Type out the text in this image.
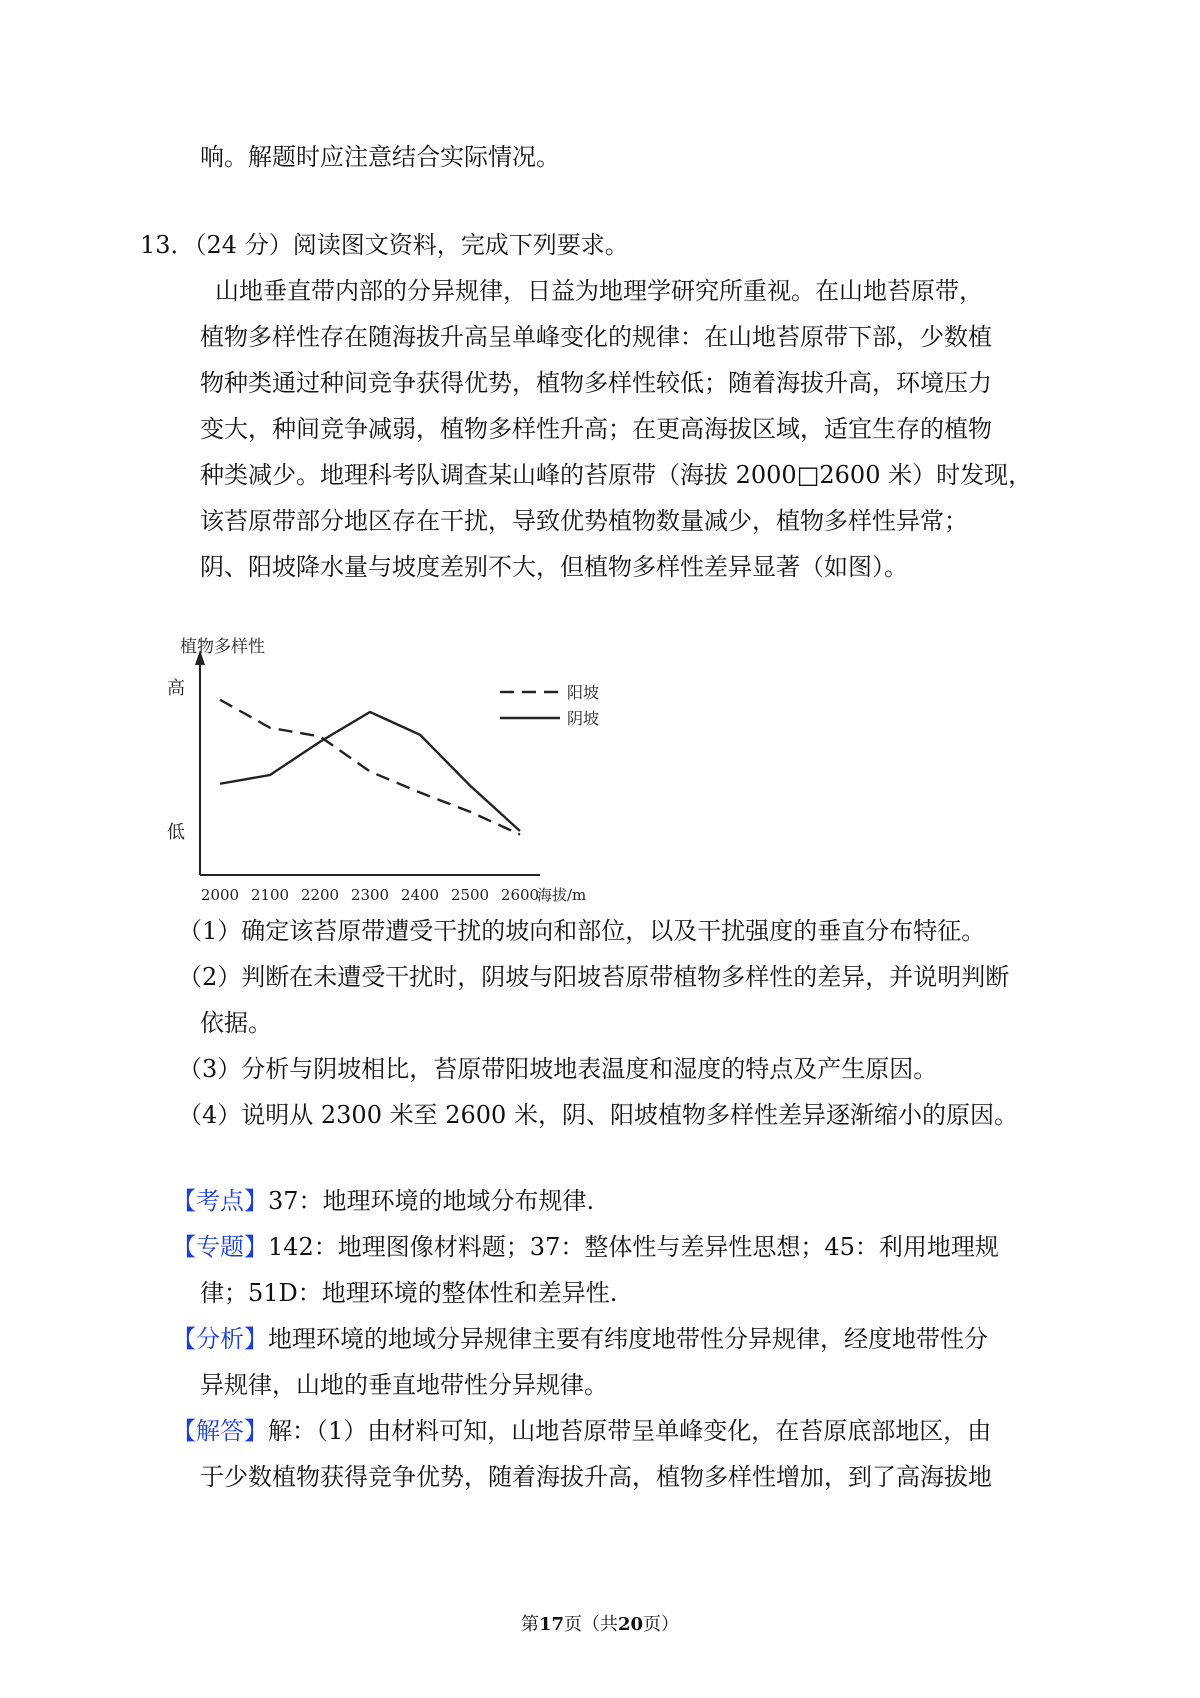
响。解题时应注意结合实际情况。
13．（24 分）阅读图文资料，完成下列要求。
山地垂直带内部的分异规律，日益为地理学研究所重视。在山地苔原带，
植物多样性存在随海拔升高呈单峰变化的规律：在山地苔原带下部，少数植
物种类通过种间竞争获得优势，植物多样性较低；随着海拔升高，环境压力
变大，种间竞争减弱，植物多样性升高；在更高海拔区域，适宜生存的植物
种类减少。地理科考队调查某山峰的苔原带（海拔 2000□2600 米）时发现，
该苔原带部分地区存在干扰，导致优势植物数量减少，植物多样性异常；
阴、阳坡降水量与坡度差别不大，但植物多样性差异显著（如图）。
植物多样性
高
低
2000 2100 2200 2300 2400 2500 2600
海拔/m
阳坡
阴坡
（1）确定该苔原带遭受干扰的坡向和部位，以及干扰强度的垂直分布特征。
（2）判断在未遭受干扰时，阴坡与阳坡苔原带植物多样性的差异，并说明判断
依据。
（3）分析与阴坡相比，苔原带阳坡地表温度和湿度的特点及产生原因。
（4）说明从 2300 米至 2600 米，阴、阳坡植物多样性差异逐渐缩小的原因。
【考点】37：地理环境的地域分布规律.
【专题】142：地理图像材料题；37：整体性与差异性思想；45：利用地理规
律；51D：地理环境的整体性和差异性.
【分析】地理环境的地域分异规律主要有纬度地带性分异规律，经度地带性分
异规律，山地的垂直地带性分异规律。
【解答】解：（1）由材料可知，山地苔原带呈单峰变化，在苔原底部地区，由
于少数植物获得竞争优势，随着海拔升高，植物多样性增加，到了高海拔地
第17页（共20页）
